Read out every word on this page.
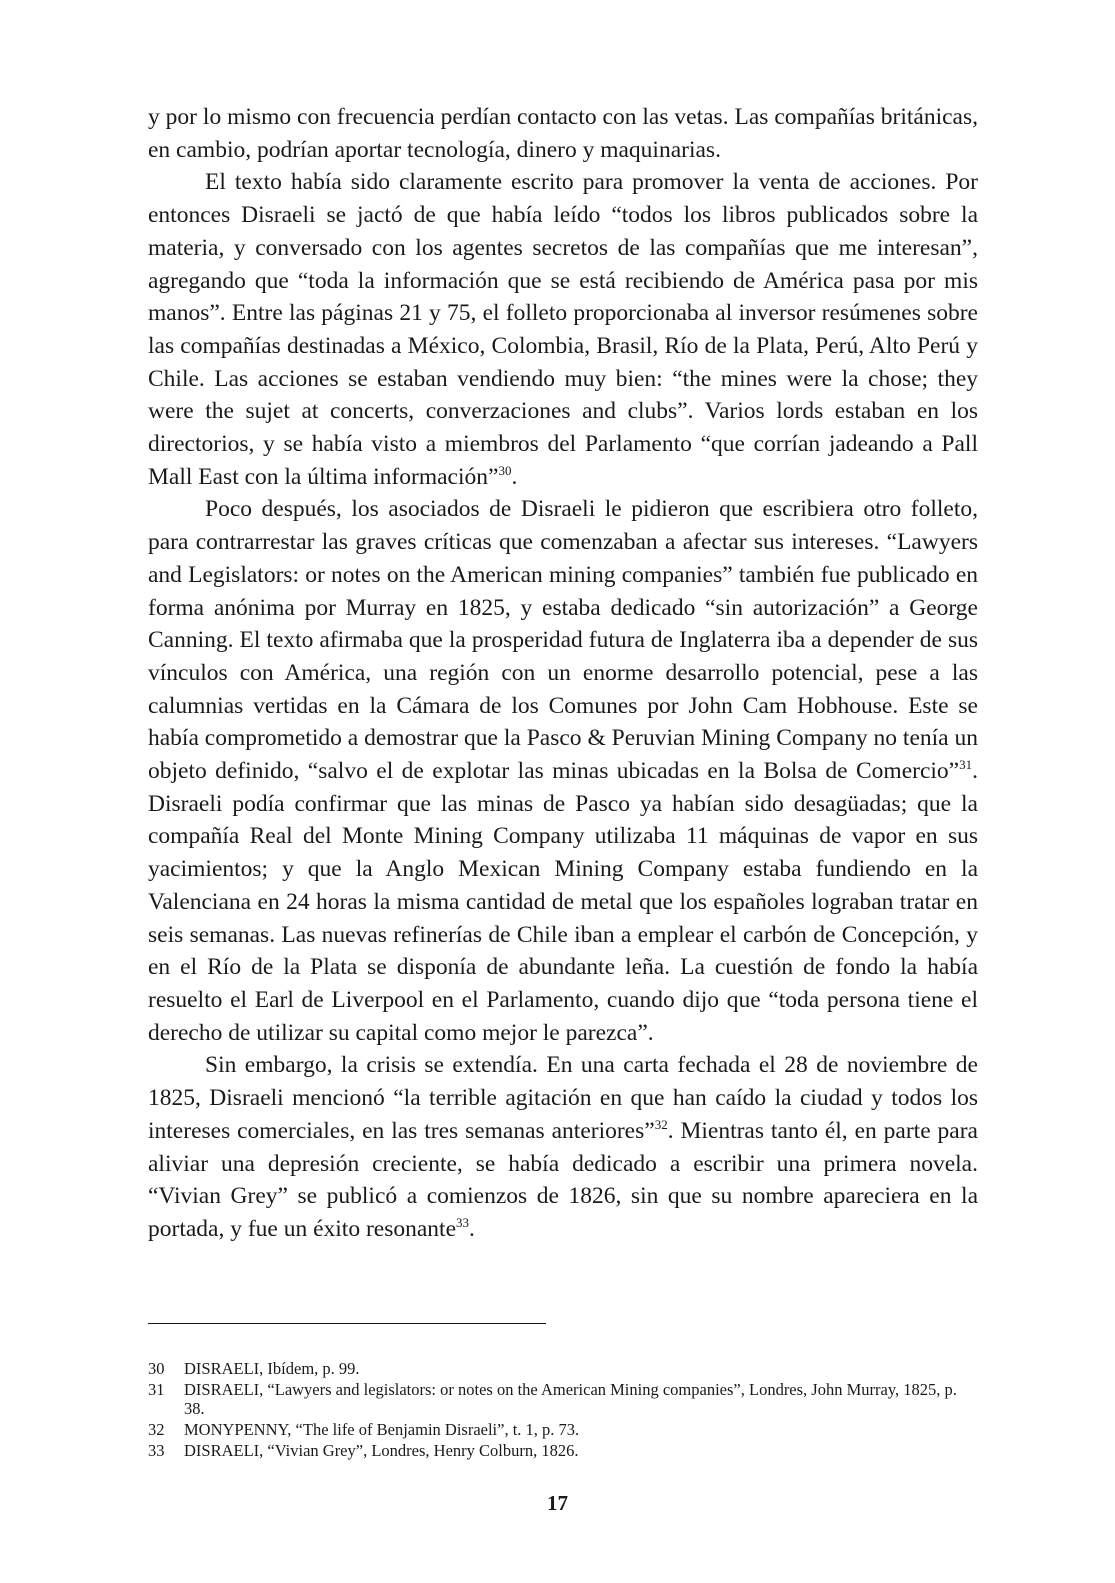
y por lo mismo con frecuencia perdían contacto con las vetas. Las compañías británicas, en cambio, podrían aportar tecnología, dinero y maquinarias.

El texto había sido claramente escrito para promover la venta de acciones. Por entonces Disraeli se jactó de que había leído “todos los libros publicados sobre la materia, y conversado con los agentes secretos de las compañías que me interesan”, agregando que “toda la información que se está recibiendo de América pasa por mis manos”. Entre las páginas 21 y 75, el folleto proporcionaba al inversor resúmenes sobre las compañías destinadas a México, Colombia, Brasil, Río de la Plata, Perú, Alto Perú y Chile. Las acciones se estaban vendiendo muy bien: “the mines were la chose; they were the sujet at concerts, converzaciones and clubs”. Varios lords estaban en los directorios, y se había visto a miembros del Parlamento “que corrían jadeando a Pall Mall East con la última información”$^{30}$.

Poco después, los asociados de Disraeli le pidieron que escribiera otro folleto, para contrarrestar las graves críticas que comenzaban a afectar sus intereses. “Lawyers and Legislators: or notes on the American mining companies” también fue publicado en forma anónima por Murray en 1825, y estaba dedicado “sin autorización” a George Canning. El texto afirmaba que la prosperidad futura de Inglaterra iba a depender de sus vínculos con América, una región con un enorme desarrollo potencial, pese a las calumnias vertidas en la Cámara de los Comunes por John Cam Hobhouse. Este se había comprometido a demostrar que la Pasco & Peruvian Mining Company no tenía un objeto definido, “salvo el de explotar las minas ubicadas en la Bolsa de Comercio”$^{31}$. Disraeli podía confirmar que las minas de Pasco ya habían sido desagüadas; que la compañía Real del Monte Mining Company utilizaba 11 máquinas de vapor en sus yacimientos; y que la Anglo Mexican Mining Company estaba fundiendo en la Valenciana en 24 horas la misma cantidad de metal que los españoles lograban tratar en seis semanas. Las nuevas refinerías de Chile iban a emplear el carbón de Concepción, y en el Río de la Plata se disponía de abundante leña. La cuestión de fondo la había resuelto el Earl de Liverpool en el Parlamento, cuando dijo que “toda persona tiene el derecho de utilizar su capital como mejor le parezca”.

Sin embargo, la crisis se extendía. En una carta fechada el 28 de noviembre de 1825, Disraeli mencionó “la terrible agitación en que han caído la ciudad y todos los intereses comerciales, en las tres semanas anteriores”$^{32}$. Mientras tanto él, en parte para aliviar una depresión creciente, se había dedicado a escribir una primera novela. “Vivian Grey” se publicó a comienzos de 1826, sin que su nombre apareciera en la portada, y fue un éxito resonante$^{33}$.

30	DISRAELI, Ibídem, p. 99.
31	DISRAELI, “Lawyers and legislators: or notes on the American Mining companies”, Londres, John Murray, 1825, p. 38.
32	MONYPENNY, “The life of Benjamin Disraeli”, t. 1, p. 73.
33	DISRAELI, “Vivian Grey”, Londres, Henry Colburn, 1826.
17
